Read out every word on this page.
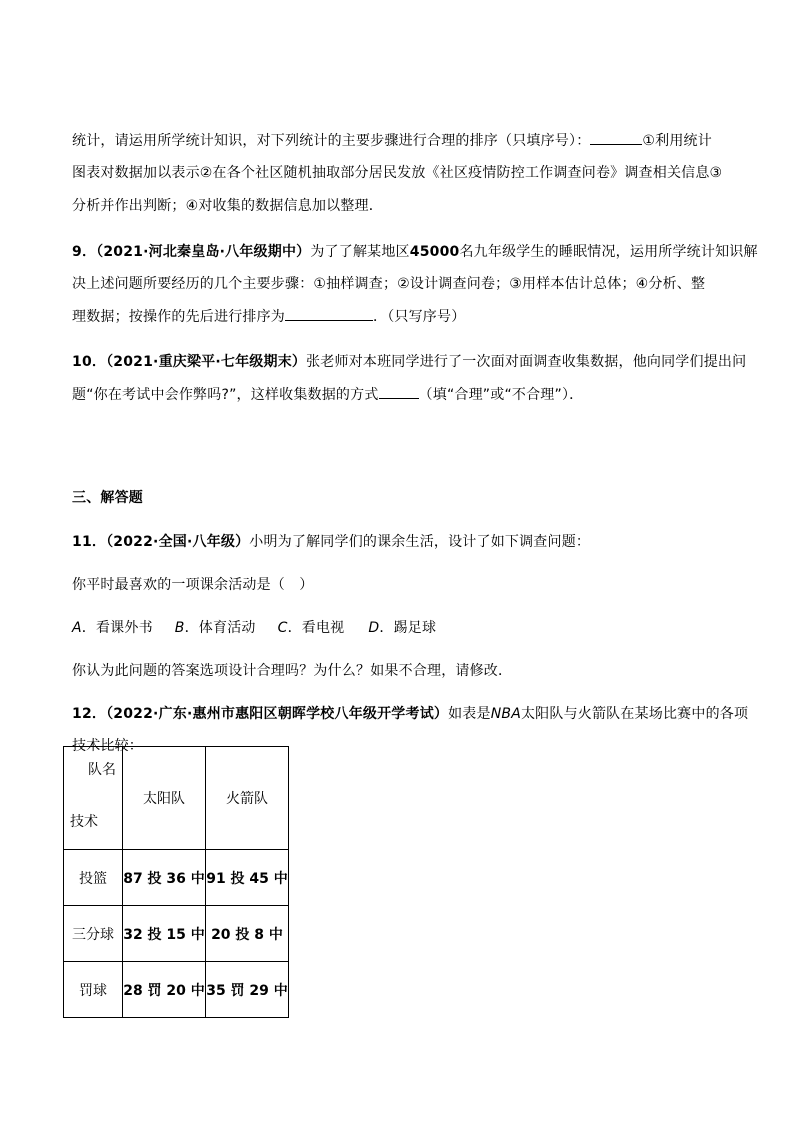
统计，请运用所学统计知识，对下列统计的主要步骤进行合理的排序（只填序号）：	①利用统计
图表对数据加以表示②在各个社区随机抽取部分居民发放《社区疫情防控工作调查问卷》调查相关信息③
分析并作出判断；④对收集的数据信息加以整理．
9．（2021·河北秦皇岛·八年级期中）为了了解某地区45000名九年级学生的睡眠情况，运用所学统计知识解
决上述问题所要经历的几个主要步骤：①抽样调查；②设计调查问卷；③用样本估计总体；④分析、整
理数据；按操作的先后进行排序为	．（只写序号）
10．（2021·重庆梁平·七年级期末）张老师对本班同学进行了一次面对面调查收集数据，他向同学们提出问
题“你在考试中会作弊吗?”，这样收集数据的方式	（填“合理”或“不合理”）．
三、解答题
11．（2022·全国·八年级）小明为了解同学们的课余生活，设计了如下调查问题：
你平时最喜欢的一项课余活动是（　）
A．看课外书 B．体育活动 C．看电视 D．踢足球
你认为此问题的答案选项设计合理吗？为什么？如果不合理，请修改．
12．（2022·广东·惠州市惠阳区朝晖学校八年级开学考试）如表是NBA太阳队与火箭队在某场比赛中的各项
技术比较：
队名
技术	太阳队	火箭队
投篮	87 投 36 中	91 投 45 中
三分球	32 投 15 中	20 投 8 中
罚球	28 罚 20 中	35 罚 29 中
